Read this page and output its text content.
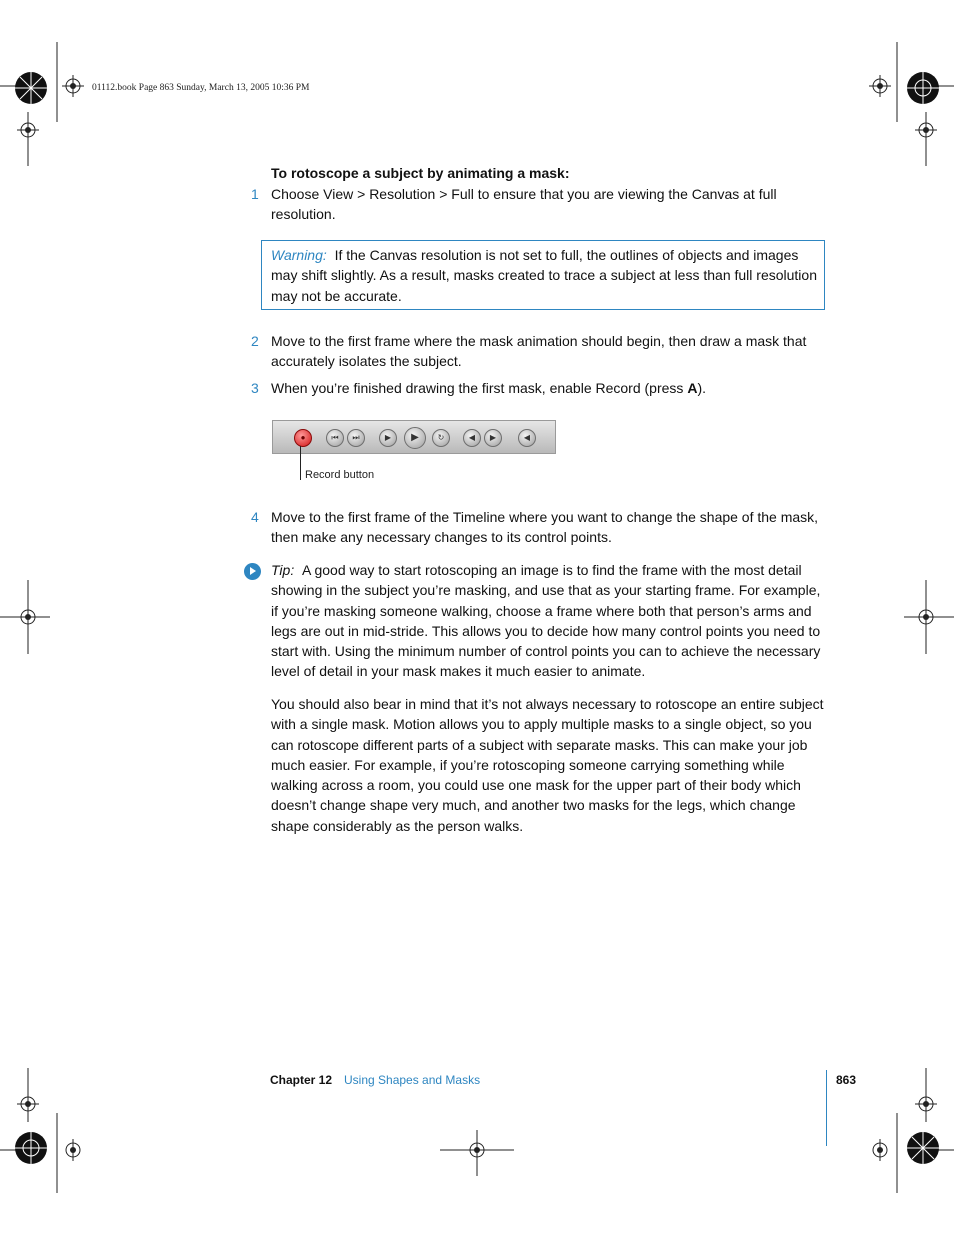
01112.book Page 863 Sunday, March 13, 2005 10:36 PM
To rotoscope a subject by animating a mask:
1 Choose View > Resolution > Full to ensure that you are viewing the Canvas at full resolution.
Warning: If the Canvas resolution is not set to full, the outlines of objects and images may shift slightly. As a result, masks created to trace a subject at less than full resolution may not be accurate.
2 Move to the first frame where the mask animation should begin, then draw a mask that accurately isolates the subject.
3 When you’re finished drawing the first mask, enable Record (press A).
●	⏮	⏭	▶	▶	↻	◀	▶	◀
Record button
4 Move to the first frame of the Timeline where you want to change the shape of the mask, then make any necessary changes to its control points.
Tip: A good way to start rotoscoping an image is to find the frame with the most detail showing in the subject you’re masking, and use that as your starting frame. For example, if you’re masking someone walking, choose a frame where both that person’s arms and legs are out in mid-stride. This allows you to decide how many control points you need to start with. Using the minimum number of control points you can to achieve the necessary level of detail in your mask makes it much easier to animate.
You should also bear in mind that it’s not always necessary to rotoscope an entire subject with a single mask. Motion allows you to apply multiple masks to a single object, so you can rotoscope different parts of a subject with separate masks. This can make your job much easier. For example, if you’re rotoscoping someone carrying something while walking across a room, you could use one mask for the upper part of their body which doesn’t change shape very much, and another two masks for the legs, which change shape considerably as the person walks.
Chapter 12 Using Shapes and Masks	863
